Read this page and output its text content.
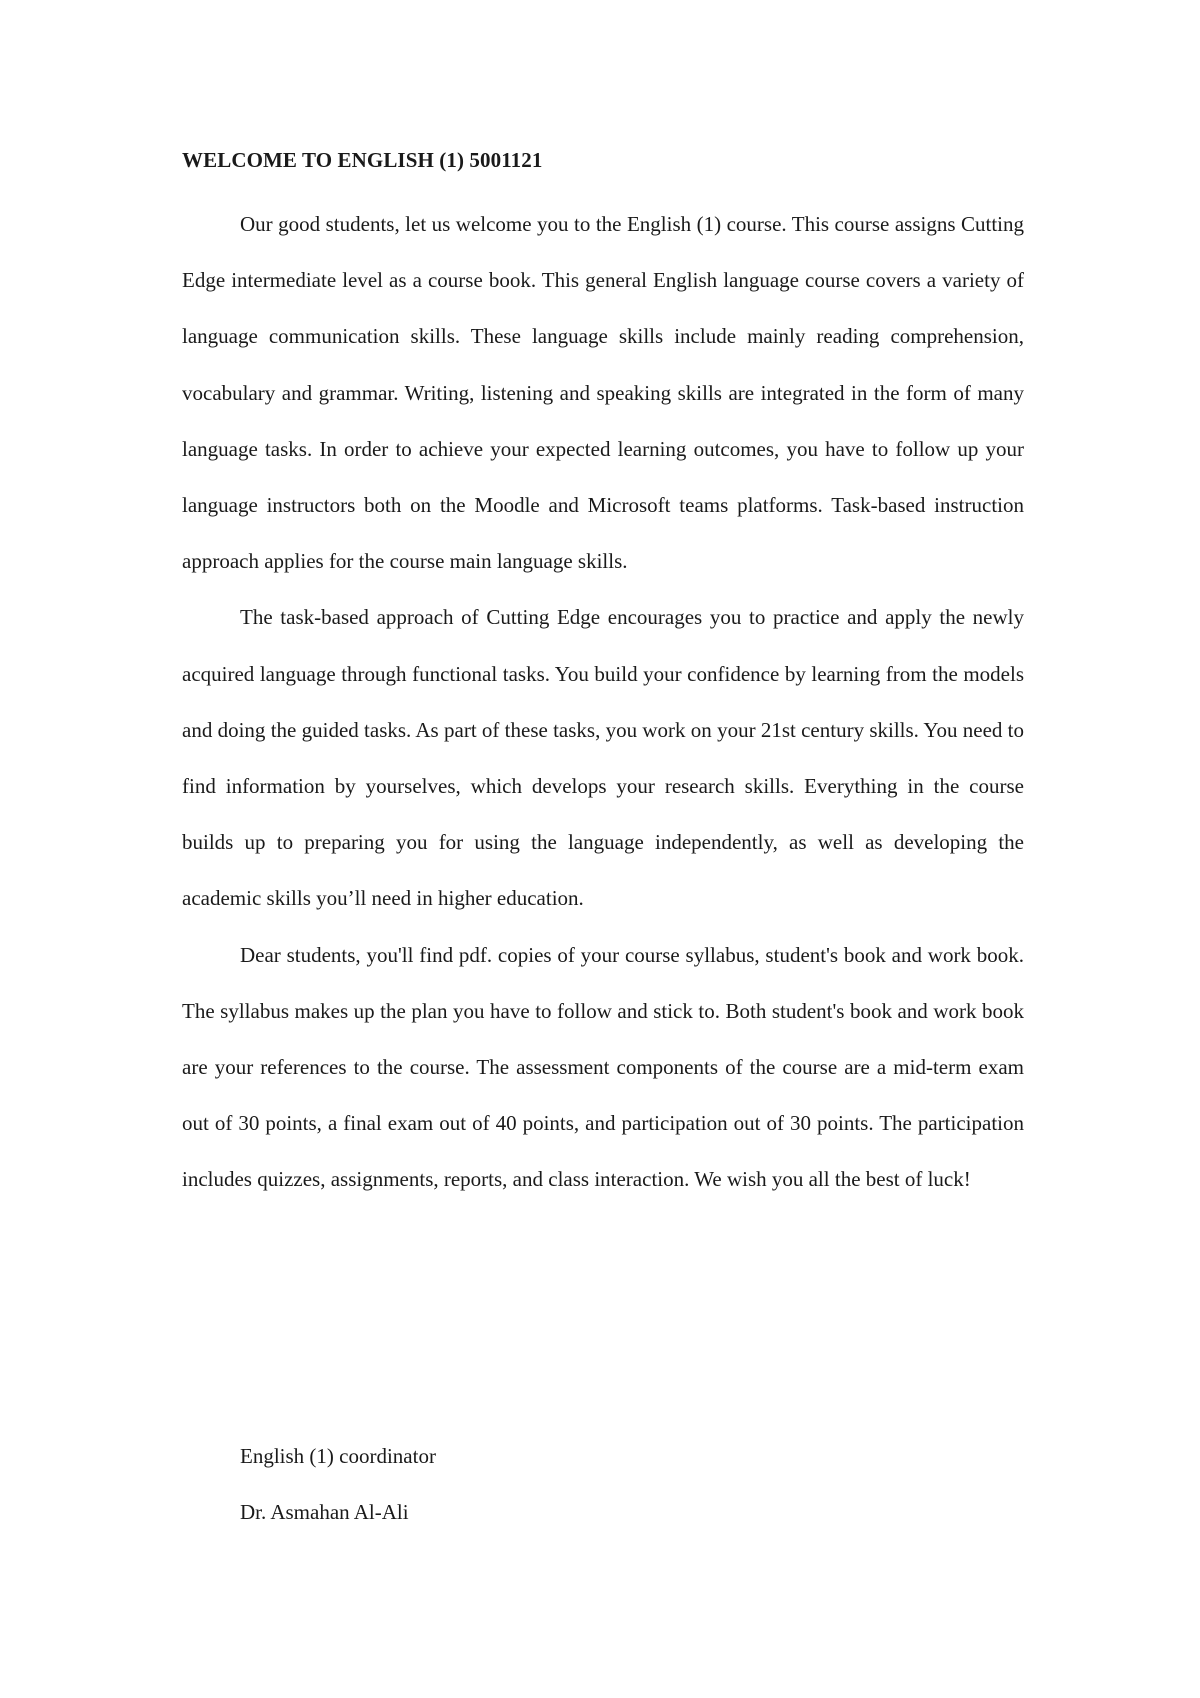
WELCOME TO ENGLISH (1) 5001121

Our good students, let us welcome you to the English (1) course. This course assigns Cutting Edge intermediate level as a course book. This general English language course covers a variety of language communication skills. These language skills include mainly reading comprehension, vocabulary and grammar. Writing, listening and speaking skills are integrated in the form of many language tasks. In order to achieve your expected learning outcomes, you have to follow up your language instructors both on the Moodle and Microsoft teams platforms. Task-based instruction approach applies for the course main language skills.

The task-based approach of Cutting Edge encourages you to practice and apply the newly acquired language through functional tasks. You build your confidence by learning from the models and doing the guided tasks. As part of these tasks, you work on your 21st century skills. You need to find information by yourselves, which develops your research skills. Everything in the course builds up to preparing you for using the language independently, as well as developing the academic skills you’ll need in higher education.

Dear students, you'll find pdf. copies of your course syllabus, student's book and work book. The syllabus makes up the plan you have to follow and stick to. Both student's book and work book are your references to the course. The assessment components of the course are a mid-term exam out of 30 points, a final exam out of 40 points, and participation out of 30 points. The participation includes quizzes, assignments, reports, and class interaction. We wish you all the best of luck!

English (1) coordinator
Dr. Asmahan Al-Ali
